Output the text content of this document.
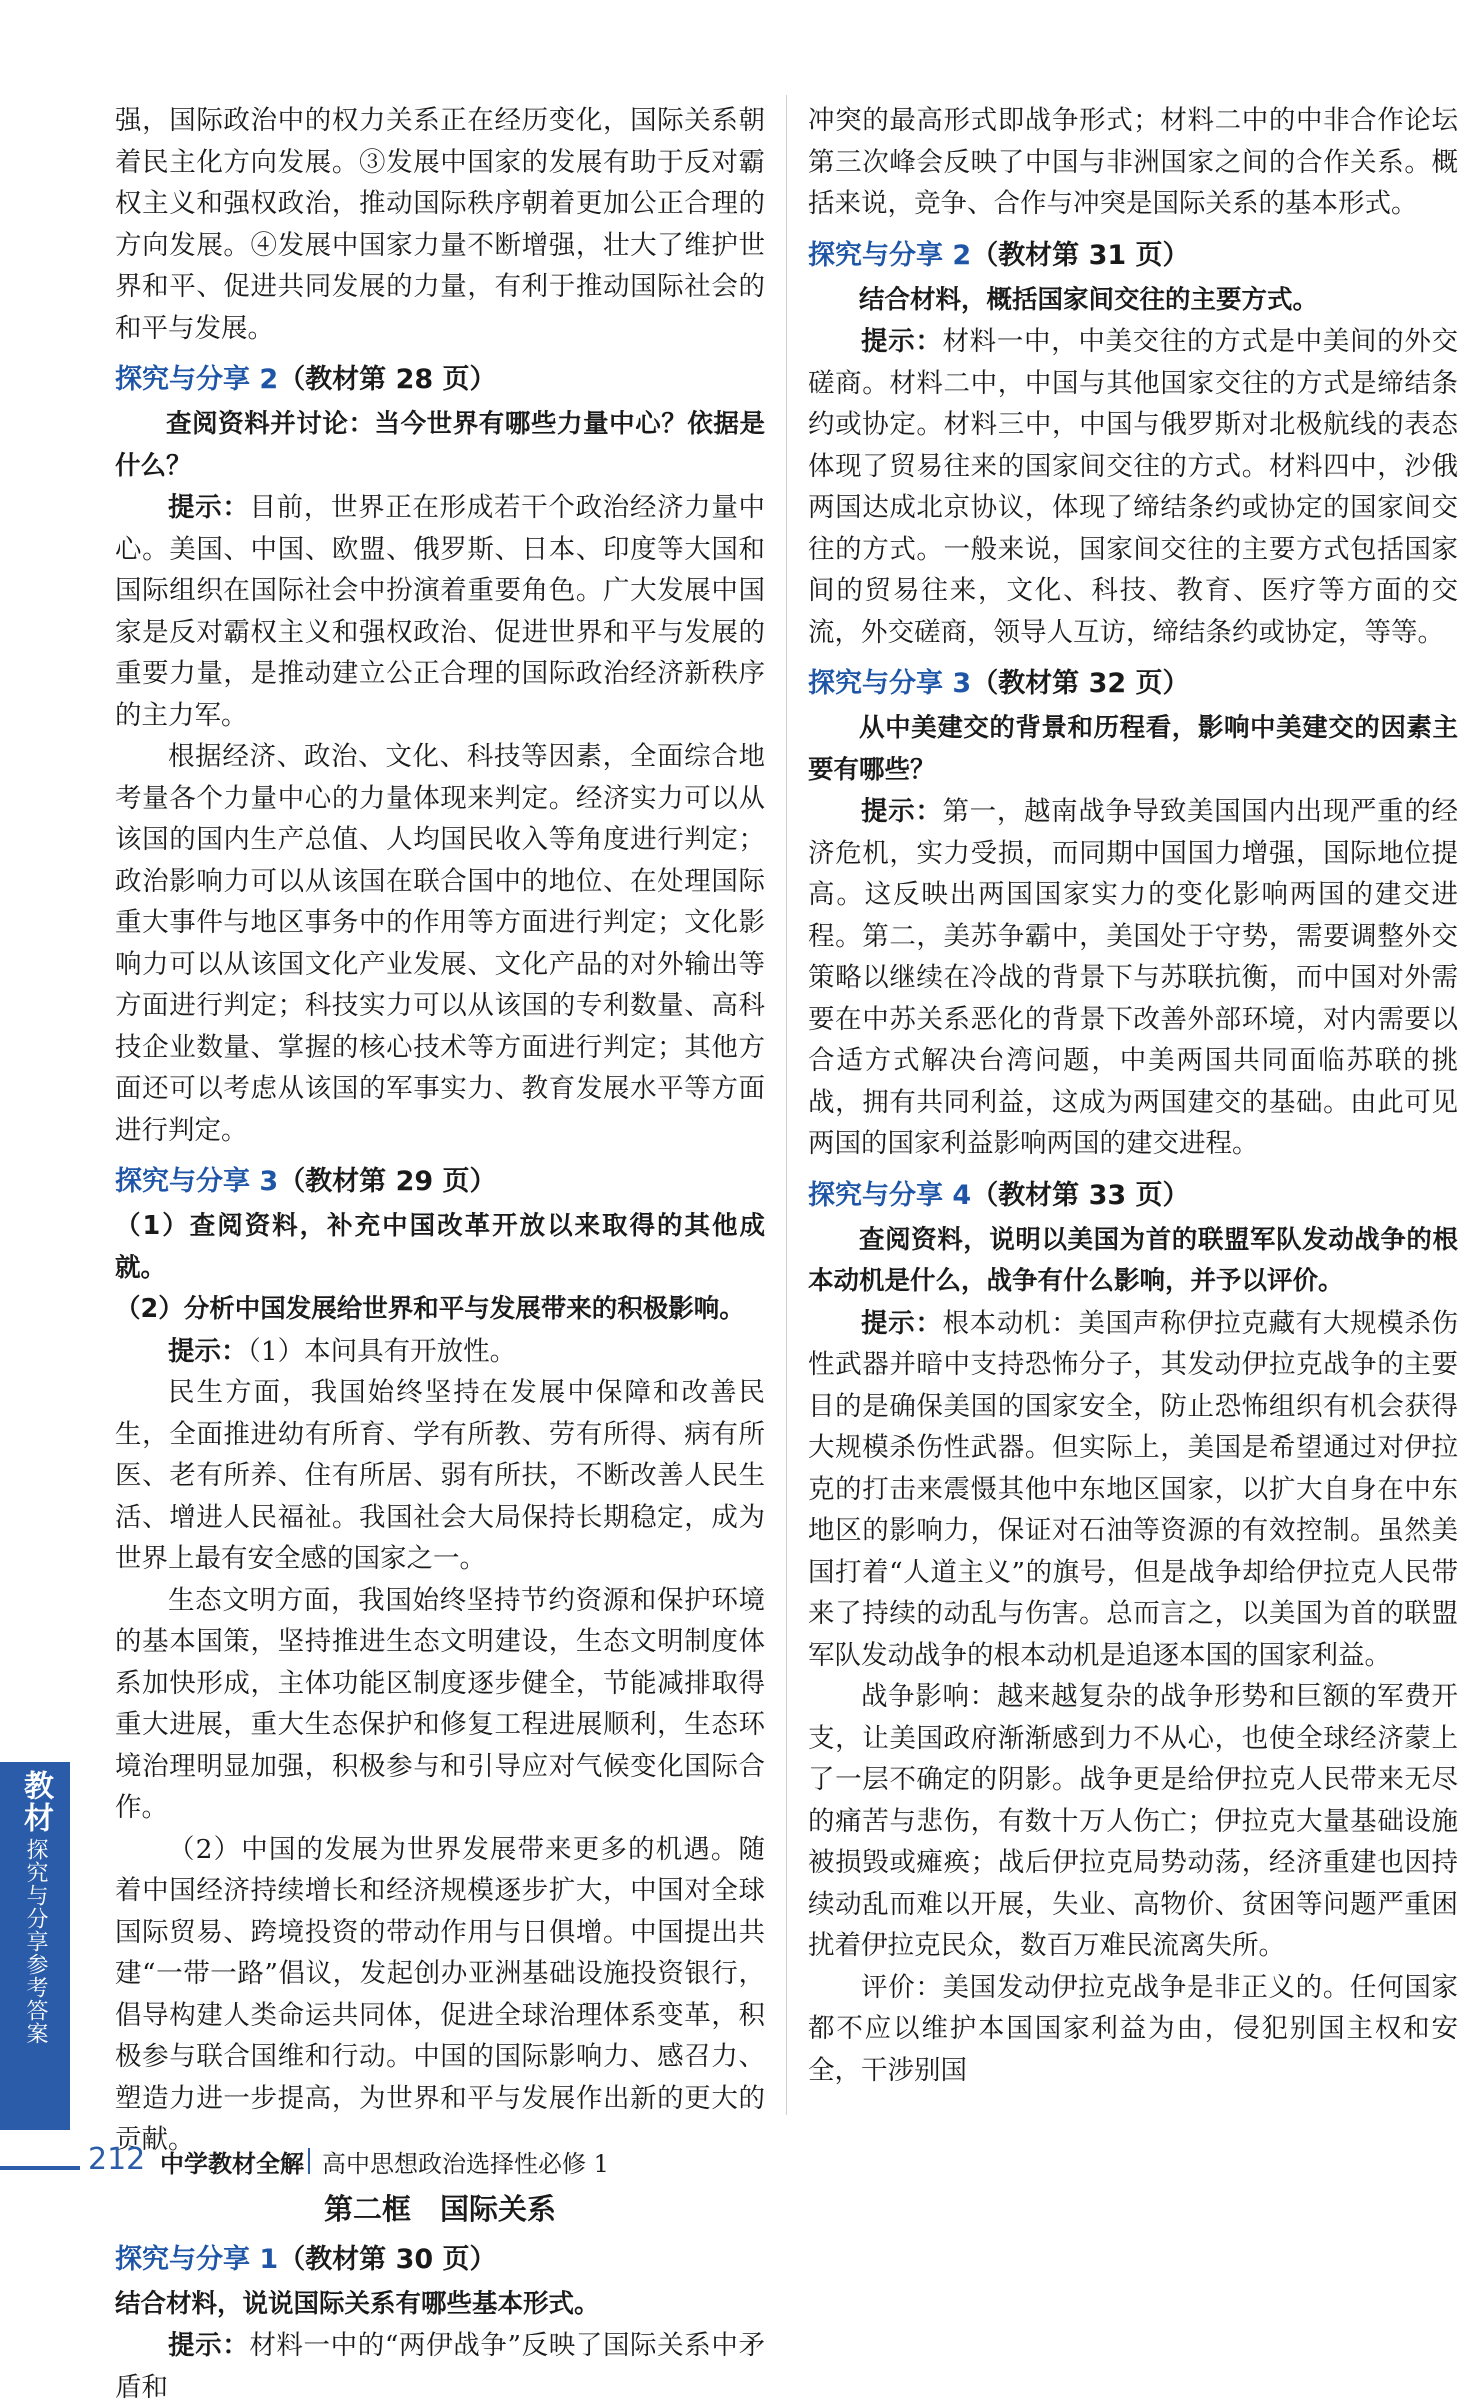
强，国际政治中的权力关系正在经历变化，国际关系朝着民主化方向发展。③发展中国家的发展有助于反对霸权主义和强权政治，推动国际秩序朝着更加公正合理的方向发展。④发展中国家力量不断增强，壮大了维护世界和平、促进共同发展的力量，有利于推动国际社会的和平与发展。

探究与分享 2（教材第 28 页）

查阅资料并讨论：当今世界有哪些力量中心？依据是什么？

提示：目前，世界正在形成若干个政治经济力量中心。美国、中国、欧盟、俄罗斯、日本、印度等大国和国际组织在国际社会中扮演着重要角色。广大发展中国家是反对霸权主义和强权政治、促进世界和平与发展的重要力量，是推动建立公正合理的国际政治经济新秩序的主力军。

根据经济、政治、文化、科技等因素，全面综合地考量各个力量中心的力量体现来判定。经济实力可以从该国的国内生产总值、人均国民收入等角度进行判定；政治影响力可以从该国在联合国中的地位、在处理国际重大事件与地区事务中的作用等方面进行判定；文化影响力可以从该国文化产业发展、文化产品的对外输出等方面进行判定；科技实力可以从该国的专利数量、高科技企业数量、掌握的核心技术等方面进行判定；其他方面还可以考虑从该国的军事实力、教育发展水平等方面进行判定。

探究与分享 3（教材第 29 页）

（1）查阅资料，补充中国改革开放以来取得的其他成就。

（2）分析中国发展给世界和平与发展带来的积极影响。

提示：（1）本问具有开放性。

民生方面，我国始终坚持在发展中保障和改善民生，全面推进幼有所育、学有所教、劳有所得、病有所医、老有所养、住有所居、弱有所扶，不断改善人民生活、增进人民福祉。我国社会大局保持长期稳定，成为世界上最有安全感的国家之一。

生态文明方面，我国始终坚持节约资源和保护环境的基本国策，坚持推进生态文明建设，生态文明制度体系加快形成，主体功能区制度逐步健全，节能减排取得重大进展，重大生态保护和修复工程进展顺利，生态环境治理明显加强，积极参与和引导应对气候变化国际合作。

（2）中国的发展为世界发展带来更多的机遇。随着中国经济持续增长和经济规模逐步扩大，中国对全球国际贸易、跨境投资的带动作用与日俱增。中国提出共建“一带一路”倡议，发起创办亚洲基础设施投资银行，倡导构建人类命运共同体，促进全球治理体系变革，积极参与联合国维和行动。中国的国际影响力、感召力、塑造力进一步提高，为世界和平与发展作出新的更大的贡献。

第二框　国际关系
探究与分享 1（教材第 30 页）

结合材料，说说国际关系有哪些基本形式。

提示：材料一中的“两伊战争”反映了国际关系中矛盾和

冲突的最高形式即战争形式；材料二中的中非合作论坛第三次峰会反映了中国与非洲国家之间的合作关系。概括来说，竞争、合作与冲突是国际关系的基本形式。

探究与分享 2（教材第 31 页）

结合材料，概括国家间交往的主要方式。

提示：材料一中，中美交往的方式是中美间的外交磋商。材料二中，中国与其他国家交往的方式是缔结条约或协定。材料三中，中国与俄罗斯对北极航线的表态体现了贸易往来的国家间交往的方式。材料四中，沙俄两国达成北京协议，体现了缔结条约或协定的国家间交往的方式。一般来说，国家间交往的主要方式包括国家间的贸易往来，文化、科技、教育、医疗等方面的交流，外交磋商，领导人互访，缔结条约或协定，等等。

探究与分享 3（教材第 32 页）

从中美建交的背景和历程看，影响中美建交的因素主要有哪些？

提示：第一，越南战争导致美国国内出现严重的经济危机，实力受损，而同期中国国力增强，国际地位提高。这反映出两国国家实力的变化影响两国的建交进程。第二，美苏争霸中，美国处于守势，需要调整外交策略以继续在冷战的背景下与苏联抗衡，而中国对外需要在中苏关系恶化的背景下改善外部环境，对内需要以合适方式解决台湾问题，中美两国共同面临苏联的挑战，拥有共同利益，这成为两国建交的基础。由此可见两国的国家利益影响两国的建交进程。

探究与分享 4（教材第 33 页）

查阅资料，说明以美国为首的联盟军队发动战争的根本动机是什么，战争有什么影响，并予以评价。

提示：根本动机：美国声称伊拉克藏有大规模杀伤性武器并暗中支持恐怖分子，其发动伊拉克战争的主要目的是确保美国的国家安全，防止恐怖组织有机会获得大规模杀伤性武器。但实际上，美国是希望通过对伊拉克的打击来震慑其他中东地区国家，以扩大自身在中东地区的影响力，保证对石油等资源的有效控制。虽然美国打着“人道主义”的旗号，但是战争却给伊拉克人民带来了持续的动乱与伤害。总而言之，以美国为首的联盟军队发动战争的根本动机是追逐本国的国家利益。

战争影响：越来越复杂的战争形势和巨额的军费开支，让美国政府渐渐感到力不从心，也使全球经济蒙上了一层不确定的阴影。战争更是给伊拉克人民带来无尽的痛苦与悲伤，有数十万人伤亡；伊拉克大量基础设施被损毁或瘫痪；战后伊拉克局势动荡，经济重建也因持续动乱而难以开展，失业、高物价、贫困等问题严重困扰着伊拉克民众，数百万难民流离失所。

评价：美国发动伊拉克战争是非正义的。任何国家都不应以维护本国国家利益为由，侵犯别国主权和安全，干涉别国

教材
探究与分享参考答案
212 中学教材全解 高中思想政治选择性必修 1
